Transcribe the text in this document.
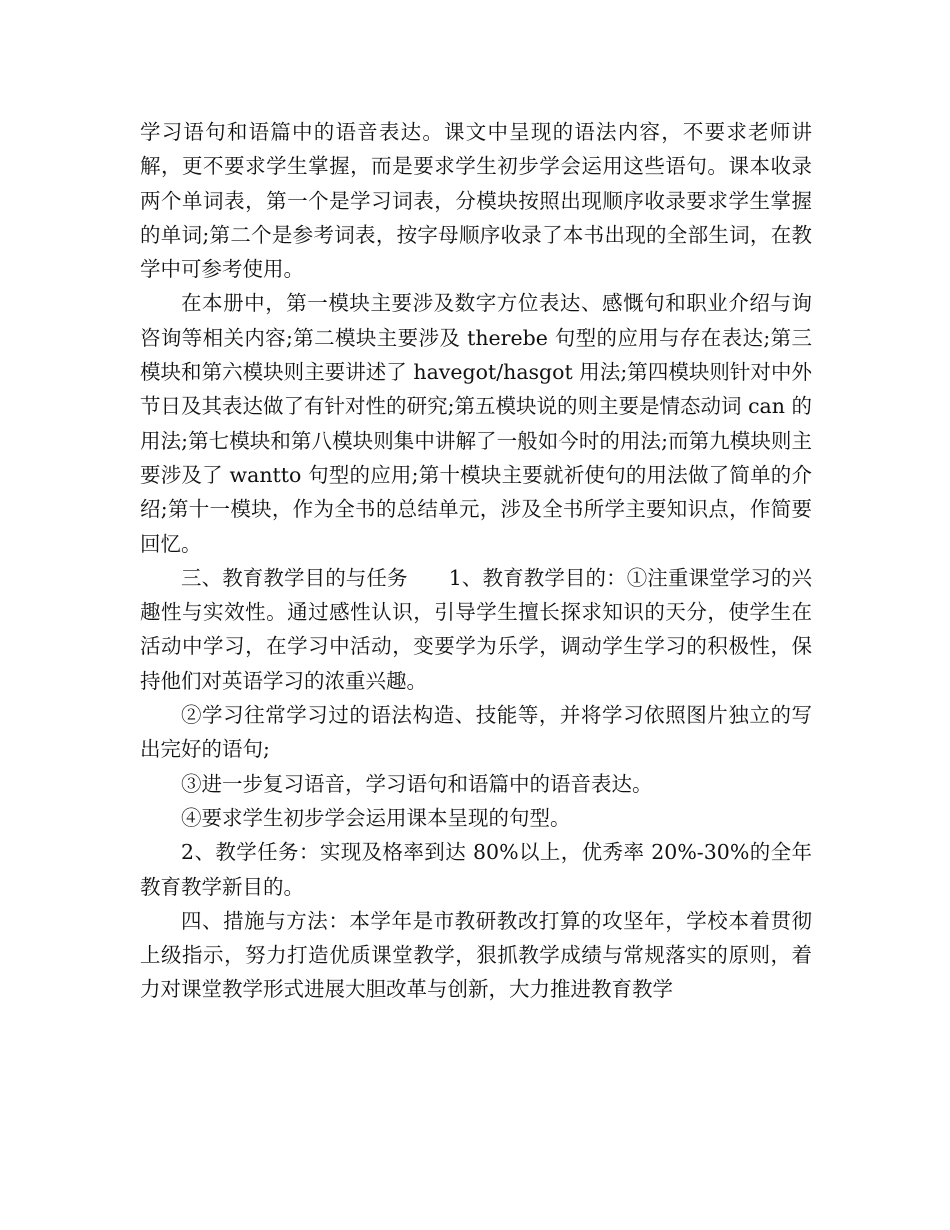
学习语句和语篇中的语音表达。课文中呈现的语法内容，不要求老师讲解，更不要求学生掌握，而是要求学生初步学会运用这些语句。课本收录两个单词表，第一个是学习词表，分模块按照出现顺序收录要求学生掌握的单词;第二个是参考词表，按字母顺序收录了本书出现的全部生词，在教学中可参考使用。

在本册中，第一模块主要涉及数字方位表达、感慨句和职业介绍与询咨询等相关内容;第二模块主要涉及 therebe 句型的应用与存在表达;第三模块和第六模块则主要讲述了 havegot/hasgot 用法;第四模块则针对中外节日及其表达做了有针对性的研究;第五模块说的则主要是情态动词 can 的用法;第七模块和第八模块则集中讲解了一般如今时的用法;而第九模块则主要涉及了 wantto 句型的应用;第十模块主要就祈使句的用法做了简单的介绍;第十一模块，作为全书的总结单元，涉及全书所学主要知识点，作简要回忆。

三、教育教学目的与任务　　1、教育教学目的：①注重课堂学习的兴趣性与实效性。通过感性认识，引导学生擅长探求知识的天分，使学生在活动中学习，在学习中活动，变要学为乐学，调动学生学习的积极性，保持他们对英语学习的浓重兴趣。

②学习往常学习过的语法构造、技能等，并将学习依照图片独立的写出完好的语句;

③进一步复习语音，学习语句和语篇中的语音表达。

④要求学生初步学会运用课本呈现的句型。

2、教学任务：实现及格率到达 80%以上，优秀率 20%-30%的全年教育教学新目的。

四、措施与方法：本学年是市教研教改打算的攻坚年，学校本着贯彻上级指示，努力打造优质课堂教学，狠抓教学成绩与常规落实的原则，着力对课堂教学形式进展大胆改革与创新，大力推进教育教学
